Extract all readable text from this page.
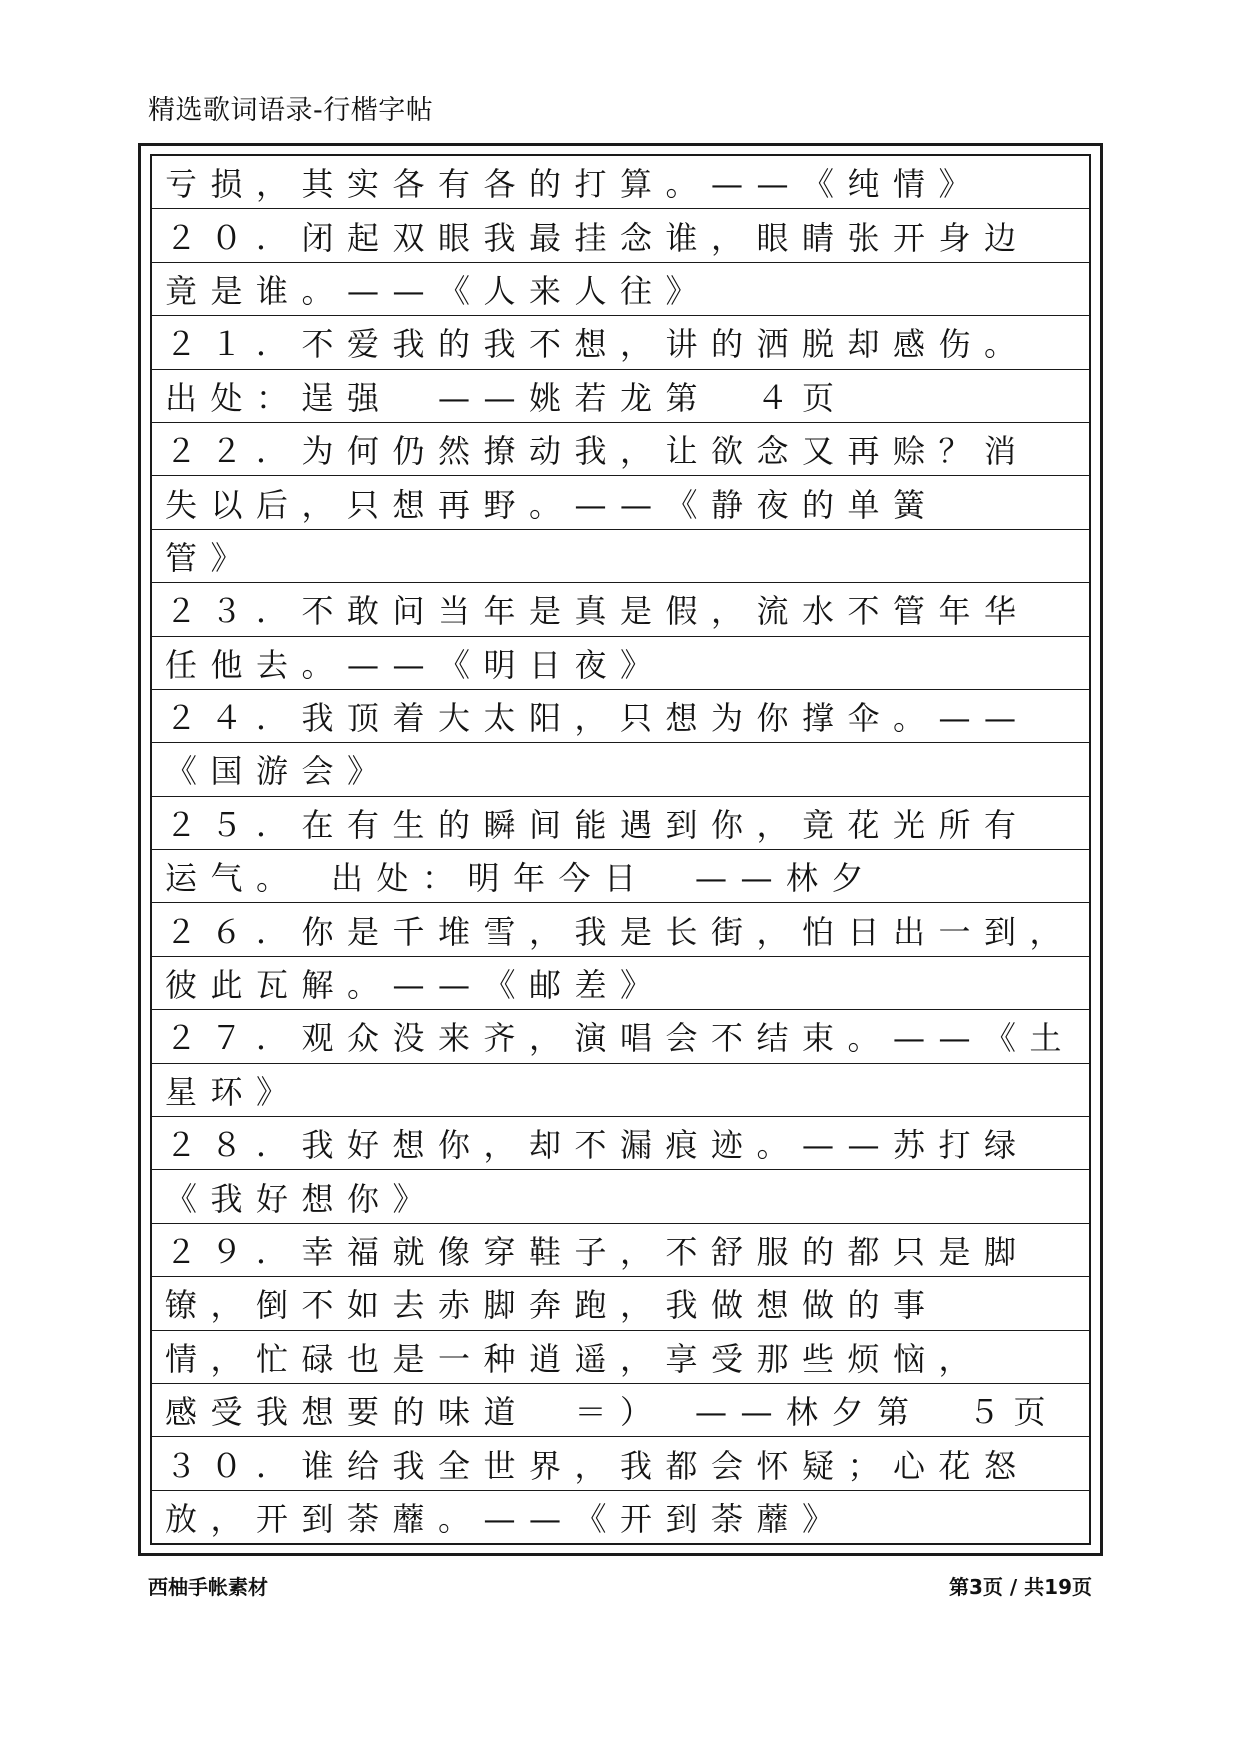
精选歌词语录-行楷字帖
亏损，其实各有各的打算。——《纯情》
２０．闭起双眼我最挂念谁，眼睛张开身边
竟是谁。——《人来人往》
２１．不爱我的我不想，讲的洒脱却感伤。
出处：逞强　——姚若龙第　４页
２２．为何仍然撩动我，让欲念又再赊？消
失以后，只想再野。——《静夜的单簧
管》
２３．不敢问当年是真是假，流水不管年华
任他去。——《明日夜》
２４．我顶着大太阳，只想为你撑伞。——
《国游会》
２５．在有生的瞬间能遇到你，竟花光所有
运气。　出处：明年今日　——林夕
２６．你是千堆雪，我是长街，怕日出一到，
彼此瓦解。——《邮差》
２７．观众没来齐，演唱会不结束。——《土
星环》
２８．我好想你，却不漏痕迹。——苏打绿
《我好想你》
２９．幸福就像穿鞋子，不舒服的都只是脚
镣，倒不如去赤脚奔跑，我做想做的事
情，忙碌也是一种逍遥，享受那些烦恼，
感受我想要的味道　＝）　——林夕第　５页
３０．谁给我全世界，我都会怀疑；心花怒
放，开到荼蘼。——《开到荼蘼》
西柚手帐素材	第3页 / 共19页
